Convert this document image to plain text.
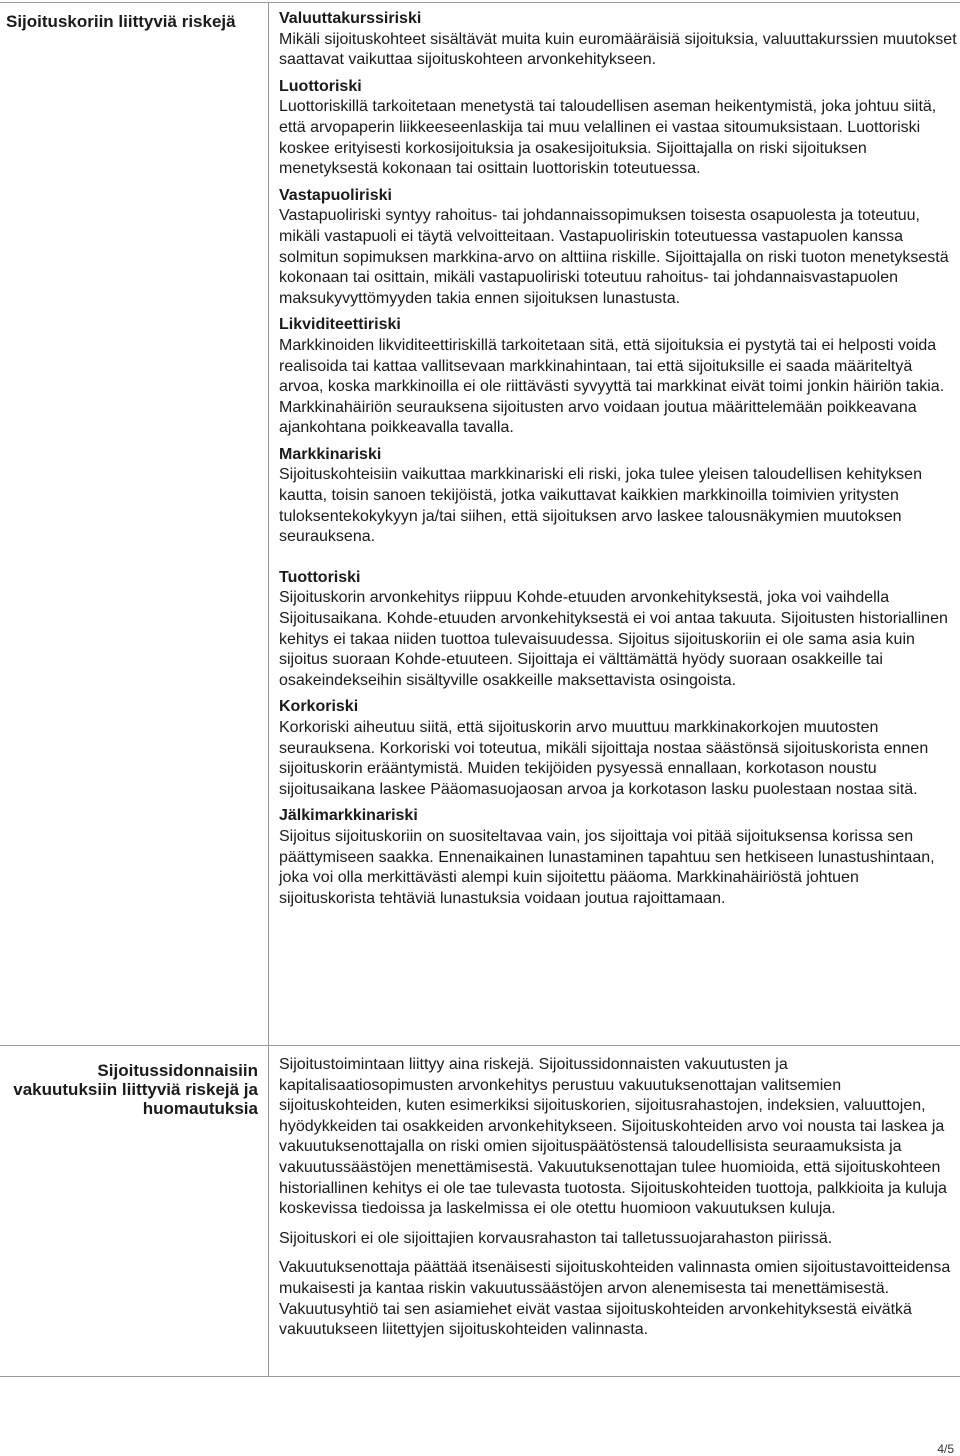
Sijoituskoriin liittyviä riskejä
Sijoitussidonnaisiin vakuutuksiin liittyviä riskejä ja huomautuksia
Valuuttakurssiriski
Mikäli sijoituskohteet sisältävät muita kuin euromääräisiä sijoituksia, valuuttakurssien muutokset saattavat vaikuttaa sijoituskohteen arvonkehitykseen.
Luottoriski
Luottoriskillä tarkoitetaan menetystä tai taloudellisen aseman heikentymistä, joka johtuu siitä, että arvopaperin liikkeeseenlaskija tai muu velallinen ei vastaa sitoumuksistaan. Luottoriski koskee erityisesti korkosijoituksia ja osakesijoituksia. Sijoittajalla on riski sijoituksen menetyksestä kokonaan tai osittain luottoriskin toteutuessa.
Vastapuoliriski
Vastapuoliriski syntyy rahoitus- tai johdannaissopimuksen toisesta osapuolesta ja toteutuu, mikäli vastapuoli ei täytä velvoitteitaan. Vastapuoliriskin toteutuessa vastapuolen kanssa solmitun sopimuksen markkina-arvo on alttiina riskille. Sijoittajalla on riski tuoton menetyksestä kokonaan tai osittain, mikäli vastapuoliriski toteutuu rahoitus- tai johdannaisvastapuolen maksukyvyttömyyden takia ennen sijoituksen lunastusta.
Likviditeettiriski
Markkinoiden likviditeettiriskillä tarkoitetaan sitä, että sijoituksia ei pystytä tai ei helposti voida realisoida tai kattaa vallitsevaan markkinahintaan, tai että sijoituksille ei saada määriteltyä arvoa, koska markkinoilla ei ole riittävästi syvyyttä tai markkinat eivät toimi jonkin häiriön takia. Markkinahäiriön seurauksena sijoitusten arvo voidaan joutua määrittelemään poikkeavana ajankohtana poikkeavalla tavalla.
Markkinariski
Sijoituskohteisiin vaikuttaa markkinariski eli riski, joka tulee yleisen taloudellisen kehityksen kautta, toisin sanoen tekijöistä, jotka vaikuttavat kaikkien markkinoilla toimivien yritysten tuloksentekokykyyn ja/tai siihen, että sijoituksen arvo laskee talousnäkymien muutoksen seurauksena.
Tuottoriski
Sijoituskorin arvonkehitys riippuu Kohde-etuuden arvonkehityksestä, joka voi vaihdella Sijoitusaikana. Kohde-etuuden arvonkehityksestä ei voi antaa takuuta. Sijoitusten historiallinen kehitys ei takaa niiden tuottoa tulevaisuudessa. Sijoitus sijoituskoriin ei ole sama asia kuin sijoitus suoraan Kohde-etuuteen. Sijoittaja ei välttämättä hyödy suoraan osakkeille tai osakeindekseihin sisältyville osakkeille maksettavista osingoista.
Korkoriski
Korkoriski aiheutuu siitä, että sijoituskorin arvo muuttuu markkinakorkojen muutosten seurauksena. Korkoriski voi toteutua, mikäli sijoittaja nostaa säästönsä sijoituskorista ennen sijoituskorin erääntymistä. Muiden tekijöiden pysyessä ennallaan, korkotason noustu sijoitusaikana laskee Pääomasuojaosan arvoa ja korkotason lasku puolestaan nostaa sitä.
Jälkimarkkinariski
Sijoitus sijoituskoriin on suositeltavaa vain, jos sijoittaja voi pitää sijoituksensa korissa sen päättymiseen saakka. Ennenaikainen lunastaminen tapahtuu sen hetkiseen lunastushintaan, joka voi olla merkittävästi alempi kuin sijoitettu pääoma. Markkinahäiriöstä johtuen sijoituskorista tehtäviä lunastuksia voidaan joutua rajoittamaan.
Sijoitustoimintaan liittyy aina riskejä. Sijoitussidonnaisten vakuutusten ja kapitalisaatiosopimusten arvonkehitys perustuu vakuutuksenottajan valitsemien sijoituskohteiden, kuten esimerkiksi sijoituskorien, sijoitusrahastojen, indeksien, valuuttojen, hyödykkeiden tai osakkeiden arvonkehitykseen. Sijoituskohteiden arvo voi nousta tai laskea ja vakuutuksenottajalla on riski omien sijoituspäätöstensä taloudellisista seuraamuksista ja vakuutussäästöjen menettämisestä. Vakuutuksenottajan tulee huomioida, että sijoituskohteen historiallinen kehitys ei ole tae tulevasta tuotosta. Sijoituskohteiden tuottoja, palkkioita ja kuluja koskevissa tiedoissa ja laskelmissa ei ole otettu huomioon vakuutuksen kuluja.
Sijoituskori ei ole sijoittajien korvausrahaston tai talletussuojarahaston piirissä.
Vakuutuksenottaja päättää itsenäisesti sijoituskohteiden valinnasta omien sijoitustavoitteidensa mukaisesti ja kantaa riskin vakuutussäästöjen arvon alenemisesta tai menettämisestä. Vakuutusyhtiö tai sen asiamiehet eivät vastaa sijoituskohteiden arvonkehityksestä eivätkä vakuutukseen liitettyjen sijoituskohteiden valinnasta.
4/5
